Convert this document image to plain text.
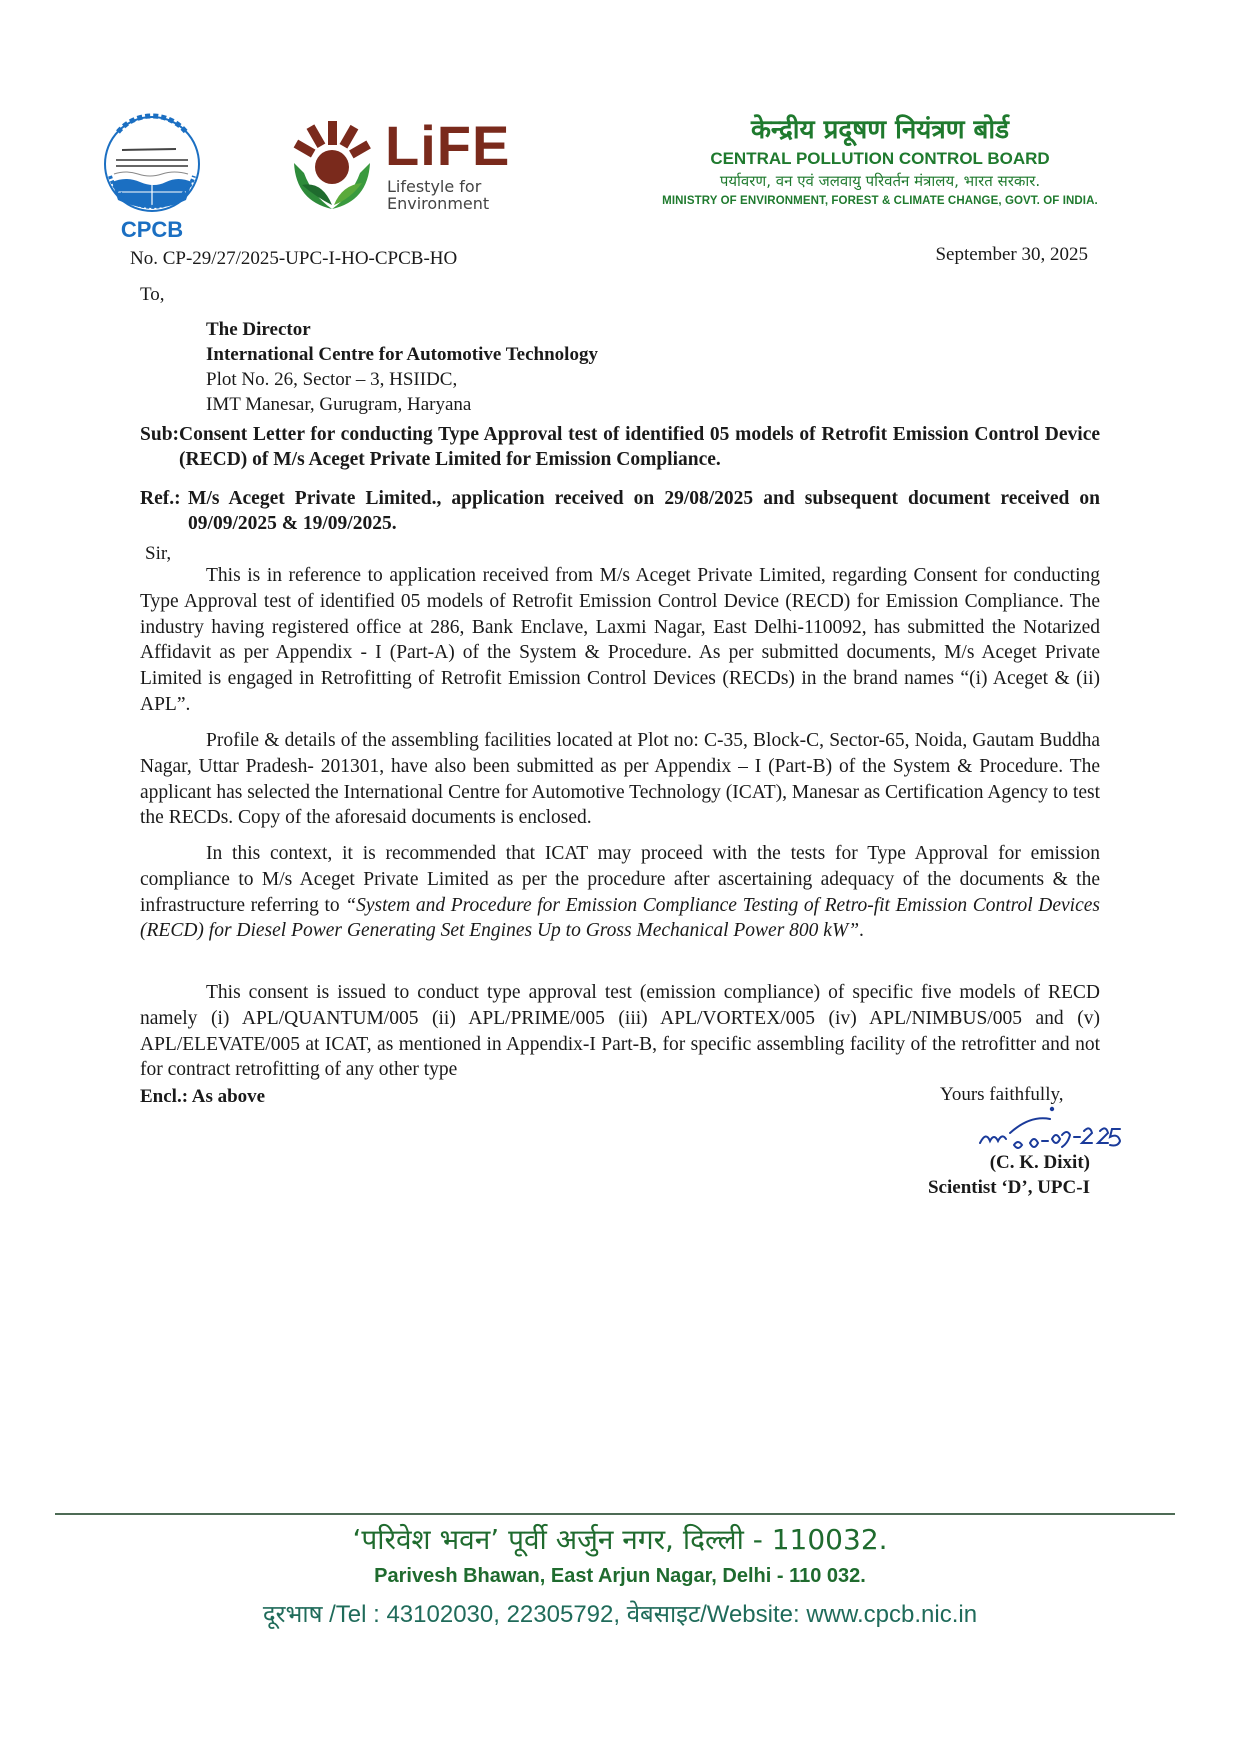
CPCB
LiFE
Lifestyle for
Environment
केन्द्रीय प्रदूषण नियंत्रण बोर्ड
CENTRAL POLLUTION CONTROL BOARD
पर्यावरण, वन एवं जलवायु परिवर्तन मंत्रालय, भारत सरकार.
MINISTRY OF ENVIRONMENT, FOREST & CLIMATE CHANGE, GOVT. OF INDIA.
No. CP-29/27/2025-UPC-I-HO-CPCB-HO	September 30, 2025
To,
The Director
International Centre for Automotive Technology
Plot No. 26, Sector – 3, HSIIDC,
IMT Manesar, Gurugram, Haryana
Sub: Consent Letter for conducting Type Approval test of identified 05 models of Retrofit Emission Control Device (RECD) of M/s Aceget Private Limited for Emission Compliance.
Ref.: M/s Aceget Private Limited., application received on 29/08/2025 and subsequent document received on 09/09/2025 & 19/09/2025.
Sir,

This is in reference to application received from M/s Aceget Private Limited, regarding Consent for conducting Type Approval test of identified 05 models of Retrofit Emission Control Device (RECD) for Emission Compliance. The industry having registered office at 286, Bank Enclave, Laxmi Nagar, East Delhi-110092, has submitted the Notarized Affidavit as per Appendix - I (Part-A) of the System & Procedure. As per submitted documents, M/s Aceget Private Limited is engaged in Retrofitting of Retrofit Emission Control Devices (RECDs) in the brand names “(i) Aceget & (ii) APL”.

Profile & details of the assembling facilities located at Plot no: C-35, Block-C, Sector-65, Noida, Gautam Buddha Nagar, Uttar Pradesh- 201301, have also been submitted as per Appendix – I (Part-B) of the System & Procedure. The applicant has selected the International Centre for Automotive Technology (ICAT), Manesar as Certification Agency to test the RECDs. Copy of the aforesaid documents is enclosed.

In this context, it is recommended that ICAT may proceed with the tests for Type Approval for emission compliance to M/s Aceget Private Limited as per the procedure after ascertaining adequacy of the documents & the infrastructure referring to “System and Procedure for Emission Compliance Testing of Retro-fit Emission Control Devices (RECD) for Diesel Power Generating Set Engines Up to Gross Mechanical Power 800 kW”.

This consent is issued to conduct type approval test (emission compliance) of specific five models of RECD namely (i) APL/QUANTUM/005 (ii) APL/PRIME/005 (iii) APL/VORTEX/005 (iv) APL/NIMBUS/005 and (v) APL/ELEVATE/005 at ICAT, as mentioned in Appendix-I Part-B, for specific assembling facility of the retrofitter and not for contract retrofitting of any other type

Encl.: As above	Yours faithfully,
(C. K. Dixit)
Scientist ‘D’, UPC-I
‘परिवेश भवन’ पूर्वी अर्जुन नगर, दिल्ली - 110032.
Parivesh Bhawan, East Arjun Nagar, Delhi - 110 032.
दूरभाष /Tel : 43102030, 22305792, वेबसाइट/Website: www.cpcb.nic.in
